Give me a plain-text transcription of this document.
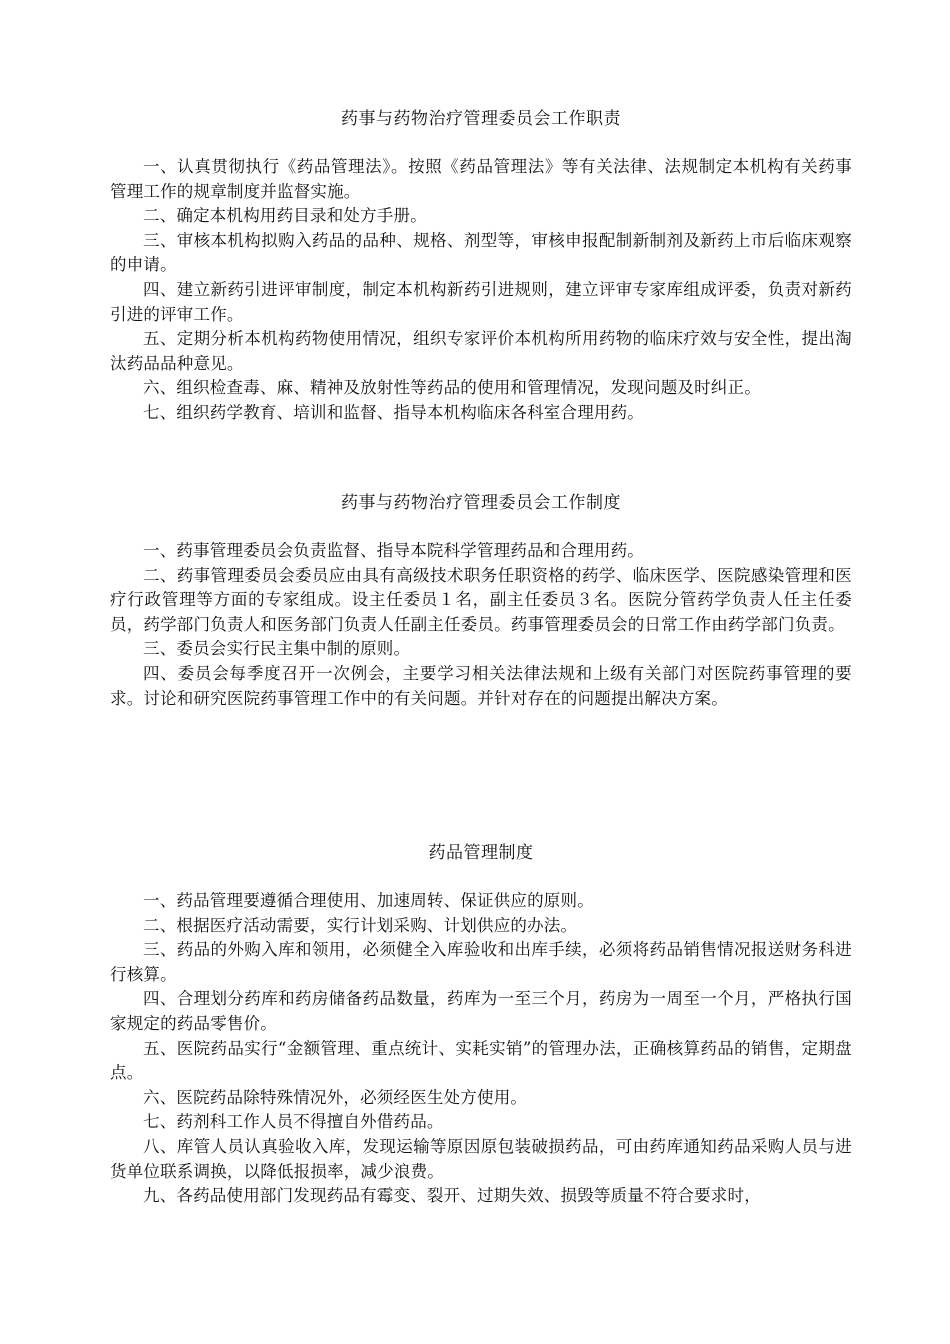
药事与药物治疗管理委员会工作职责

一、认真贯彻执行《药品管理法》。按照《药品管理法》等有关法律、法规制定本机构有关药事管理工作的规章制度并监督实施。

二、确定本机构用药目录和处方手册。

三、审核本机构拟购入药品的品种、规格、剂型等，审核申报配制新制剂及新药上市后临床观察的申请。

四、建立新药引进评审制度，制定本机构新药引进规则，建立评审专家库组成评委，负责对新药引进的评审工作。

五、定期分析本机构药物使用情况，组织专家评价本机构所用药物的临床疗效与安全性，提出淘汰药品品种意见。

六、组织检查毒、麻、精神及放射性等药品的使用和管理情况，发现问题及时纠正。

七、组织药学教育、培训和监督、指导本机构临床各科室合理用药。

药事与药物治疗管理委员会工作制度

一、药事管理委员会负责监督、指导本院科学管理药品和合理用药。

二、药事管理委员会委员应由具有高级技术职务任职资格的药学、临床医学、医院感染管理和医疗行政管理等方面的专家组成。设主任委员１名，副主任委员３名。医院分管药学负责人任主任委员，药学部门负责人和医务部门负责人任副主任委员。药事管理委员会的日常工作由药学部门负责。

三、委员会实行民主集中制的原则。

四、委员会每季度召开一次例会，主要学习相关法律法规和上级有关部门对医院药事管理的要求。讨论和研究医院药事管理工作中的有关问题。并针对存在的问题提出解决方案。

药品管理制度

一、药品管理要遵循合理使用、加速周转、保证供应的原则。

二、根据医疗活动需要，实行计划采购、计划供应的办法。

三、药品的外购入库和领用，必须健全入库验收和出库手续，必须将药品销售情况报送财务科进行核算。

四、合理划分药库和药房储备药品数量，药库为一至三个月，药房为一周至一个月，严格执行国家规定的药品零售价。

五、医院药品实行“金额管理、重点统计、实耗实销”的管理办法，正确核算药品的销售，定期盘点。

六、医院药品除特殊情况外，必须经医生处方使用。

七、药剂科工作人员不得擅自外借药品。

八、库管人员认真验收入库，发现运输等原因原包装破损药品，可由药库通知药品采购人员与进货单位联系调换，以降低报损率，减少浪费。

九、各药品使用部门发现药品有霉变、裂开、过期失效、损毁等质量不符合要求时，
